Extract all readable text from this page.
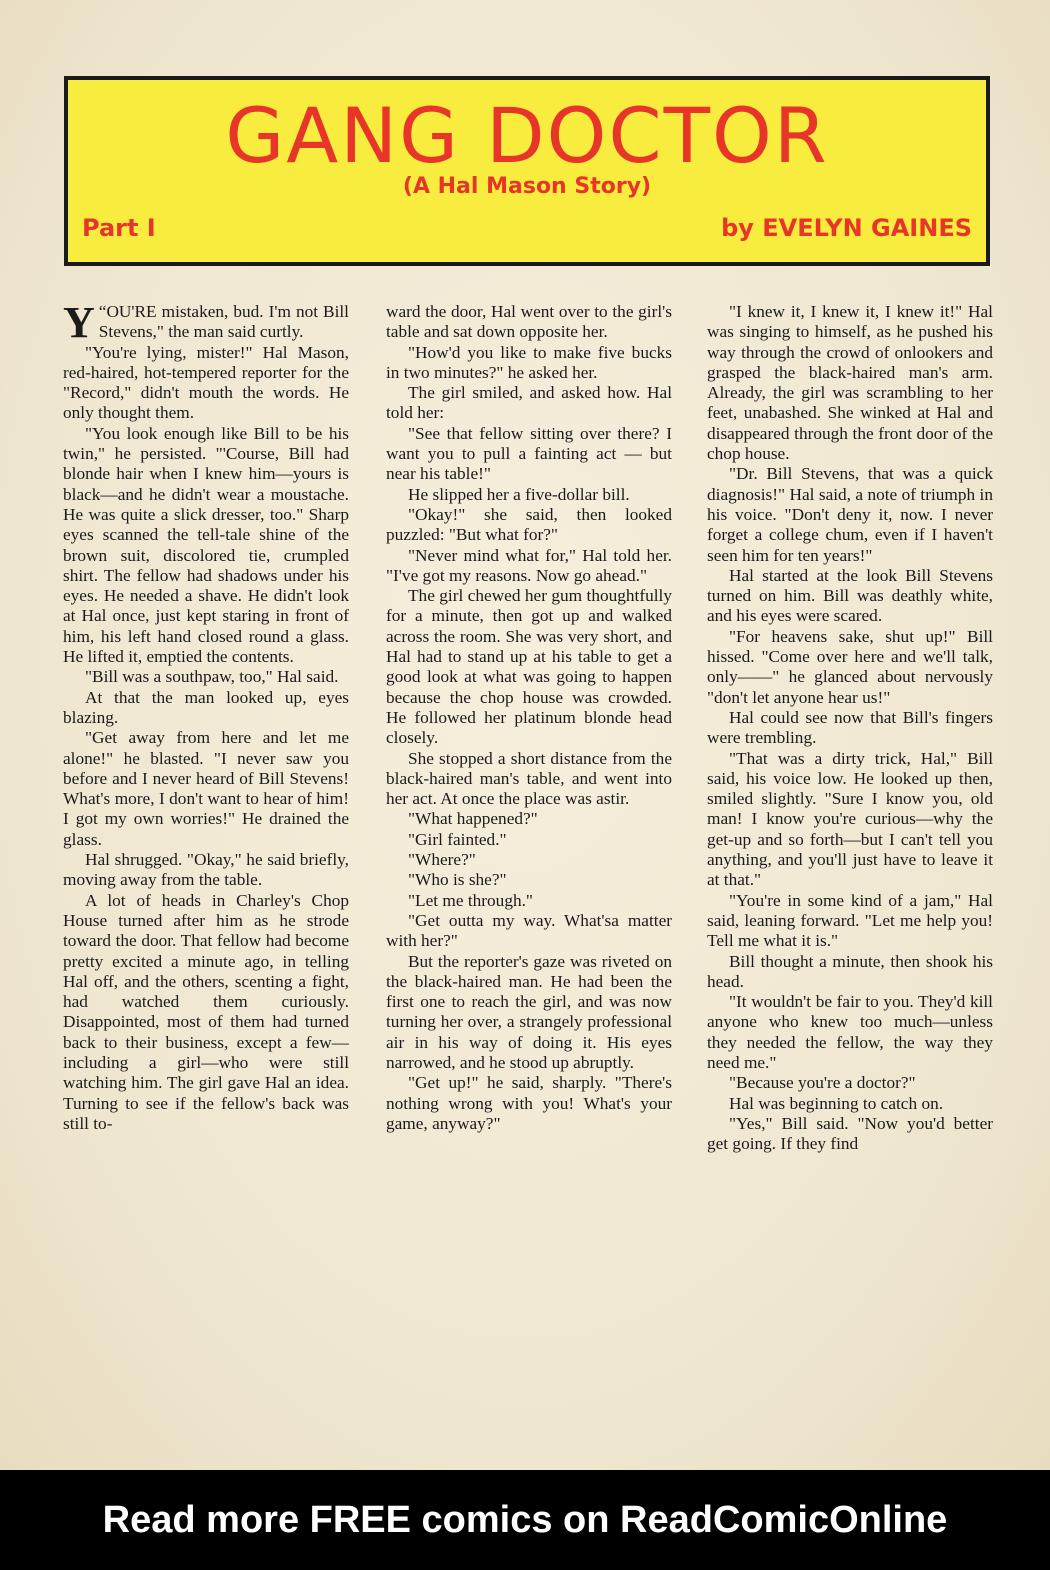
GANG DOCTOR
(A Hal Mason Story)
Part I	by EVELYN GAINES

“
Y OU'RE mistaken, bud. I'm not Bill Stevens," the man said curtly.

"You're lying, mister!" Hal Mason, red-haired, hot-tempered reporter for the "Record," didn't mouth the words. He only thought them.

"You look enough like Bill to be his twin," he persisted. "'Course, Bill had blonde hair when I knew him—yours is black—and he didn't wear a moustache. He was quite a slick dresser, too." Sharp eyes scanned the tell-tale shine of the brown suit, discolored tie, crumpled shirt. The fellow had shadows under his eyes. He needed a shave. He didn't look at Hal once, just kept staring in front of him, his left hand closed round a glass. He lifted it, emptied the contents.

"Bill was a southpaw, too," Hal said.

At that the man looked up, eyes blazing.

"Get away from here and let me alone!" he blasted. "I never saw you before and I never heard of Bill Stevens! What's more, I don't want to hear of him! I got my own worries!" He drained the glass.

Hal shrugged. "Okay," he said briefly, moving away from the table.

A lot of heads in Charley's Chop House turned after him as he strode toward the door. That fellow had become pretty excited a minute ago, in telling Hal off, and the others, scenting a fight, had watched them curiously. Disappointed, most of them had turned back to their business, except a few—including a girl—who were still watching him. The girl gave Hal an idea. Turning to see if the fellow's back was still to-

ward the door, Hal went over to the girl's table and sat down opposite her.

"How'd you like to make five bucks in two minutes?" he asked her.

The girl smiled, and asked how. Hal told her:

"See that fellow sitting over there? I want you to pull a fainting act — but near his table!"

He slipped her a five-dollar bill.

"Okay!" she said, then looked puzzled: "But what for?"

"Never mind what for," Hal told her. "I've got my reasons. Now go ahead."

The girl chewed her gum thoughtfully for a minute, then got up and walked across the room. She was very short, and Hal had to stand up at his table to get a good look at what was going to happen because the chop house was crowded. He followed her platinum blonde head closely.

She stopped a short distance from the black-haired man's table, and went into her act. At once the place was astir.

"What happened?"

"Girl fainted."

"Where?"

"Who is she?"

"Let me through."

"Get outta my way. What'sa matter with her?"

But the reporter's gaze was riveted on the black-haired man. He had been the first one to reach the girl, and was now turning her over, a strangely professional air in his way of doing it. His eyes narrowed, and he stood up abruptly.

"Get up!" he said, sharply. "There's nothing wrong with you! What's your game, anyway?"

"I knew it, I knew it, I knew it!" Hal was singing to himself, as he pushed his way through the crowd of onlookers and grasped the black-haired man's arm. Already, the girl was scrambling to her feet, unabashed. She winked at Hal and disappeared through the front door of the chop house.

"Dr. Bill Stevens, that was a quick diagnosis!" Hal said, a note of triumph in his voice. "Don't deny it, now. I never forget a college chum, even if I haven't seen him for ten years!"

Hal started at the look Bill Stevens turned on him. Bill was deathly white, and his eyes were scared.

"For heavens sake, shut up!" Bill hissed. "Come over here and we'll talk, only——" he glanced about nervously "don't let anyone hear us!"

Hal could see now that Bill's fingers were trembling.

"That was a dirty trick, Hal," Bill said, his voice low. He looked up then, smiled slightly. "Sure I know you, old man! I know you're curious—why the get-up and so forth—but I can't tell you anything, and you'll just have to leave it at that."

"You're in some kind of a jam," Hal said, leaning forward. "Let me help you! Tell me what it is."

Bill thought a minute, then shook his head.

"It wouldn't be fair to you. They'd kill anyone who knew too much—unless they needed the fellow, the way they need me."

"Because you're a doctor?"

Hal was beginning to catch on.

"Yes," Bill said. "Now you'd better get going. If they find

Read more FREE comics on ReadComicOnline
